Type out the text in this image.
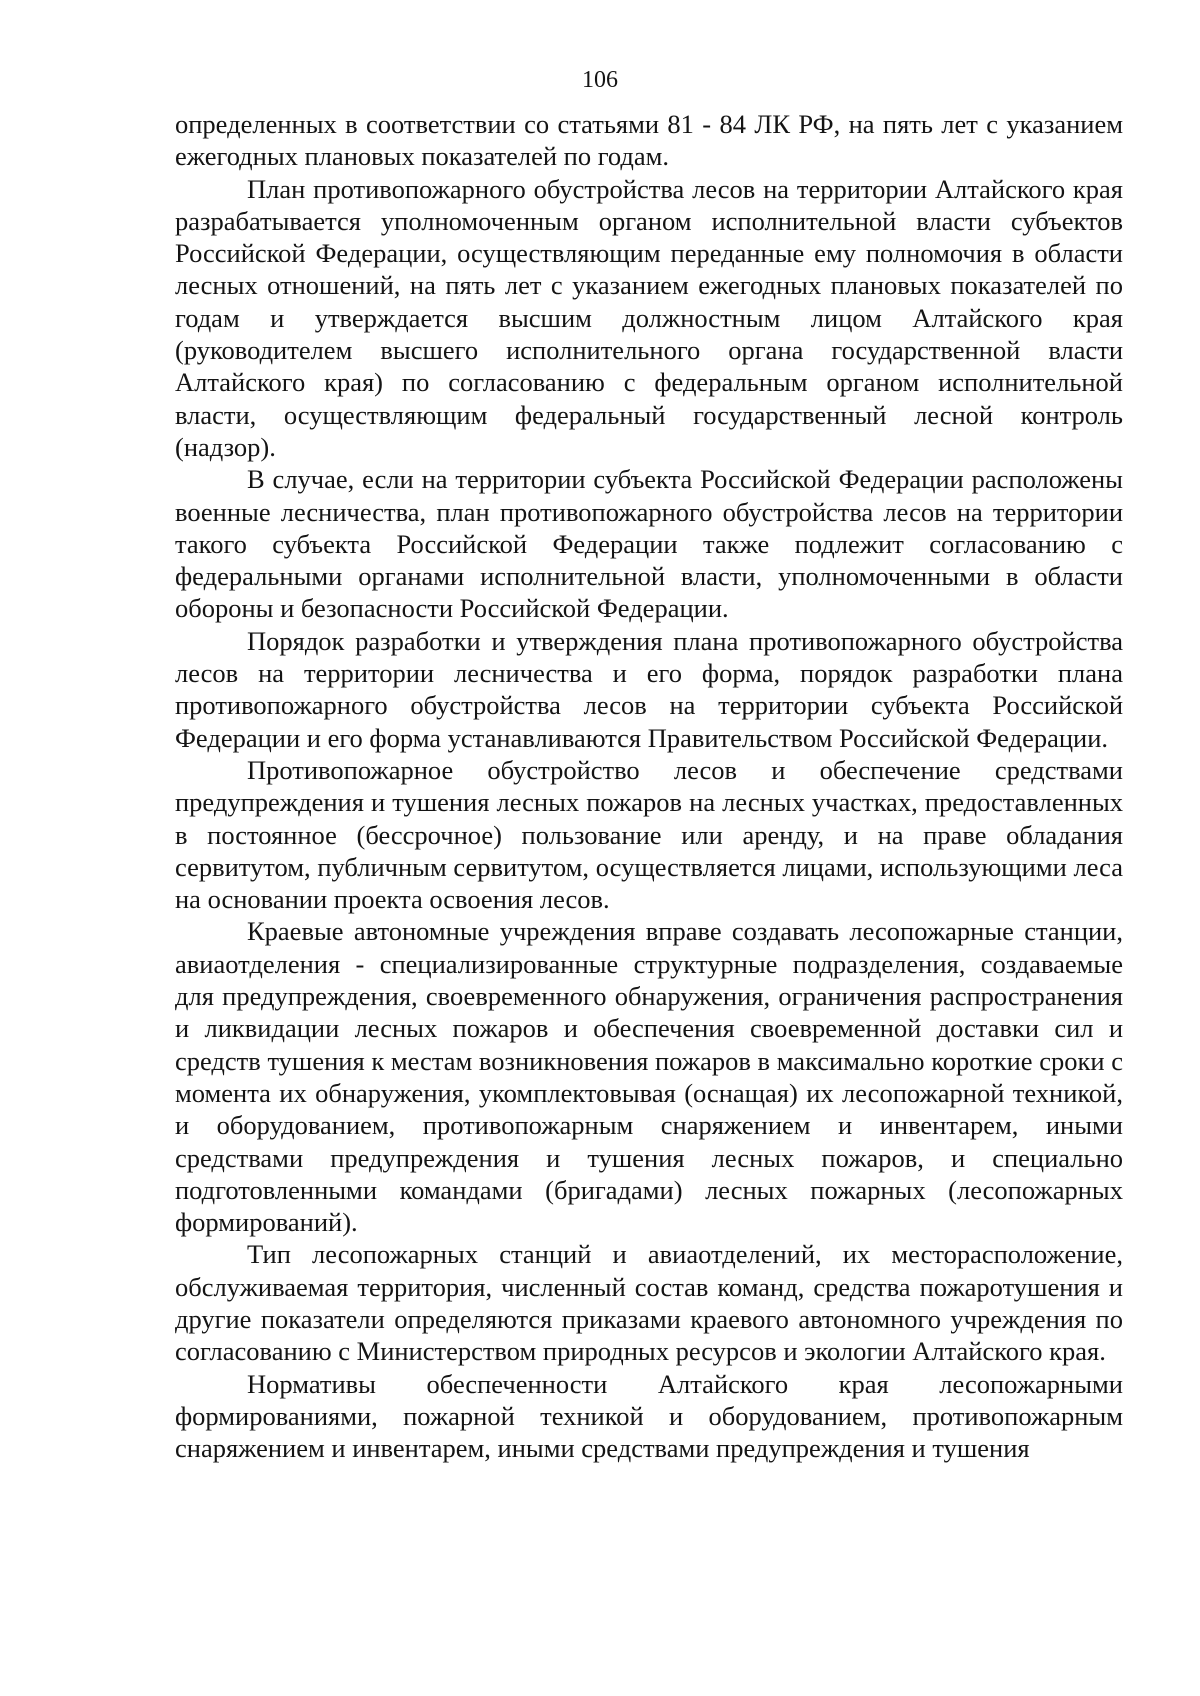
106

определенных в соответствии со статьями 81 - 84 ЛК РФ, на пять лет с указанием ежегодных плановых показателей по годам.

План противопожарного обустройства лесов на территории Алтайского края разрабатывается уполномоченным органом исполнительной власти субъектов Российской Федерации, осуществляющим переданные ему полномочия в области лесных отношений, на пять лет с указанием ежегодных плановых показателей по годам и утверждается высшим должностным лицом Алтайского края (руководителем высшего исполнительного органа государственной власти Алтайского края) по согласованию с федеральным органом исполнительной власти, осуществляющим федеральный государственный лесной контроль (надзор).

В случае, если на территории субъекта Российской Федерации расположены военные лесничества, план противопожарного обустройства лесов на территории такого субъекта Российской Федерации также подлежит согласованию с федеральными органами исполнительной власти, уполномоченными в области обороны и безопасности Российской Федерации.

Порядок разработки и утверждения плана противопожарного обустройства лесов на территории лесничества и его форма, порядок разработки плана противопожарного обустройства лесов на территории субъекта Российской Федерации и его форма устанавливаются Правительством Российской Федерации.

Противопожарное обустройство лесов и обеспечение средствами предупреждения и тушения лесных пожаров на лесных участках, предоставленных в постоянное (бессрочное) пользование или аренду, и на праве обладания сервитутом, публичным сервитутом, осуществляется лицами, использующими леса на основании проекта освоения лесов.

Краевые автономные учреждения вправе создавать лесопожарные станции, авиаотделения - специализированные структурные подразделения, создаваемые для предупреждения, своевременного обнаружения, ограничения распространения и ликвидации лесных пожаров и обеспечения своевременной доставки сил и средств тушения к местам возникновения пожаров в максимально короткие сроки с момента их обнаружения, укомплектовывая (оснащая) их лесопожарной техникой, и оборудованием, противопожарным снаряжением и инвентарем, иными средствами предупреждения и тушения лесных пожаров, и специально подготовленными командами (бригадами) лесных пожарных (лесопожарных формирований).

Тип лесопожарных станций и авиаотделений, их месторасположение, обслуживаемая территория, численный состав команд, средства пожаротушения и другие показатели определяются приказами краевого автономного учреждения по согласованию с Министерством природных ресурсов и экологии Алтайского края.

Нормативы обеспеченности Алтайского края лесопожарными формированиями, пожарной техникой и оборудованием, противопожарным снаряжением и инвентарем, иными средствами предупреждения и тушения
